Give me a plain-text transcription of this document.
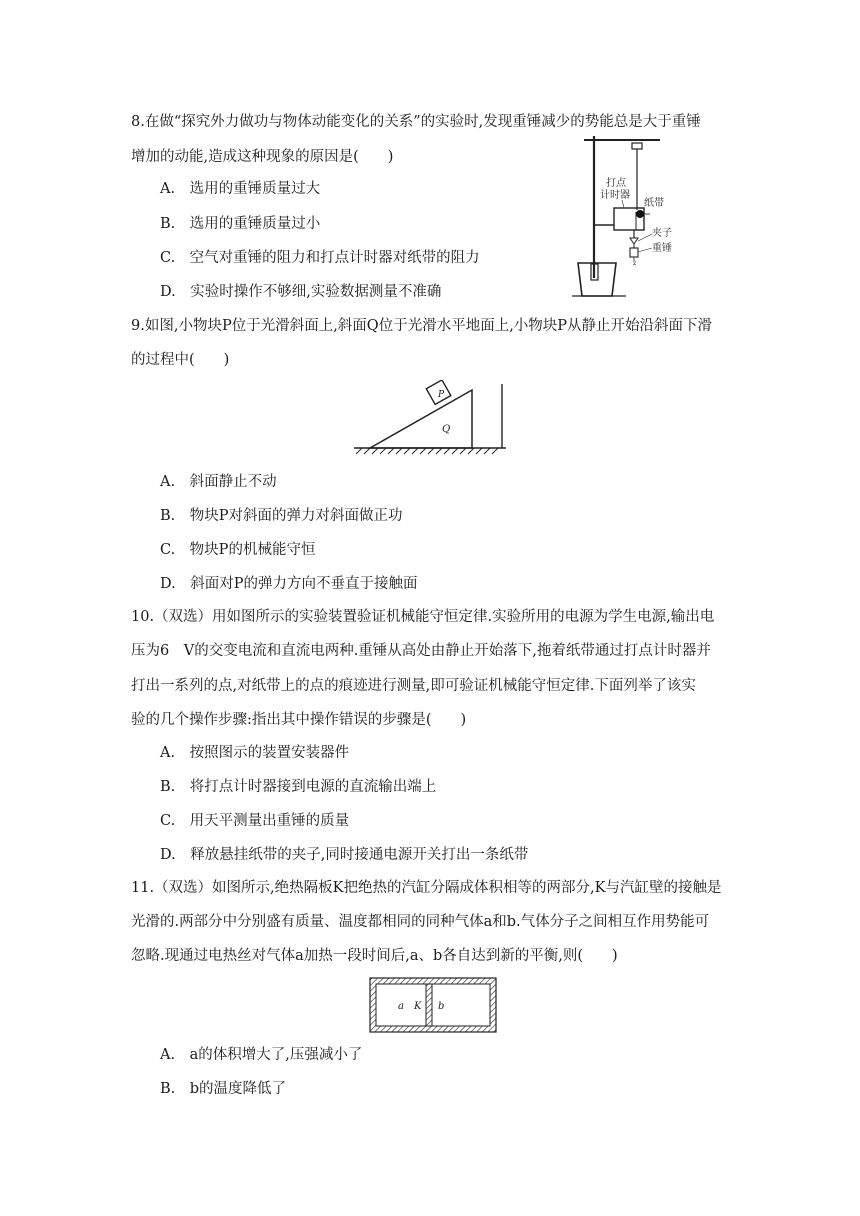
8.在做“探究外力做功与物体动能变化的关系”的实验时,发现重锤减少的势能总是大于重锤
增加的动能,造成这种现象的原因是(　　)
A.　选用的重锤质量过大
B.　选用的重锤质量过小
C.　空气对重锤的阻力和打点计时器对纸带的阻力
D.　实验时操作不够细,实验数据测量不准确
z
打点
计时器
纸带
夹子
重锤
9.如图,小物块P位于光滑斜面上,斜面Q位于光滑水平地面上,小物块P从静止开始沿斜面下滑
的过程中(　　)
P
Q
A.　斜面静止不动
B.　物块P对斜面的弹力对斜面做正功
C.　物块P的机械能守恒
D.　斜面对P的弹力方向不垂直于接触面
10.（双选）用如图所示的实验装置验证机械能守恒定律.实验所用的电源为学生电源,输出电
压为6　V的交变电流和直流电两种.重锤从高处由静止开始落下,拖着纸带通过打点计时器并
打出一系列的点,对纸带上的点的痕迹进行测量,即可验证机械能守恒定律.下面列举了该实
验的几个操作步骤:指出其中操作错误的步骤是(　　)
A.　按照图示的装置安装器件
B.　将打点计时器接到电源的直流输出端上
C.　用天平测量出重锤的质量
D.　释放悬挂纸带的夹子,同时接通电源开关打出一条纸带
11.（双选）如图所示,绝热隔板K把绝热的汽缸分隔成体积相等的两部分,K与汽缸壁的接触是
光滑的.两部分中分别盛有质量、温度都相同的同种气体a和b.气体分子之间相互作用势能可
忽略.现通过电热丝对气体a加热一段时间后,a、b各自达到新的平衡,则(　　)
a K b
A.　a的体积增大了,压强减小了
B.　b的温度降低了
